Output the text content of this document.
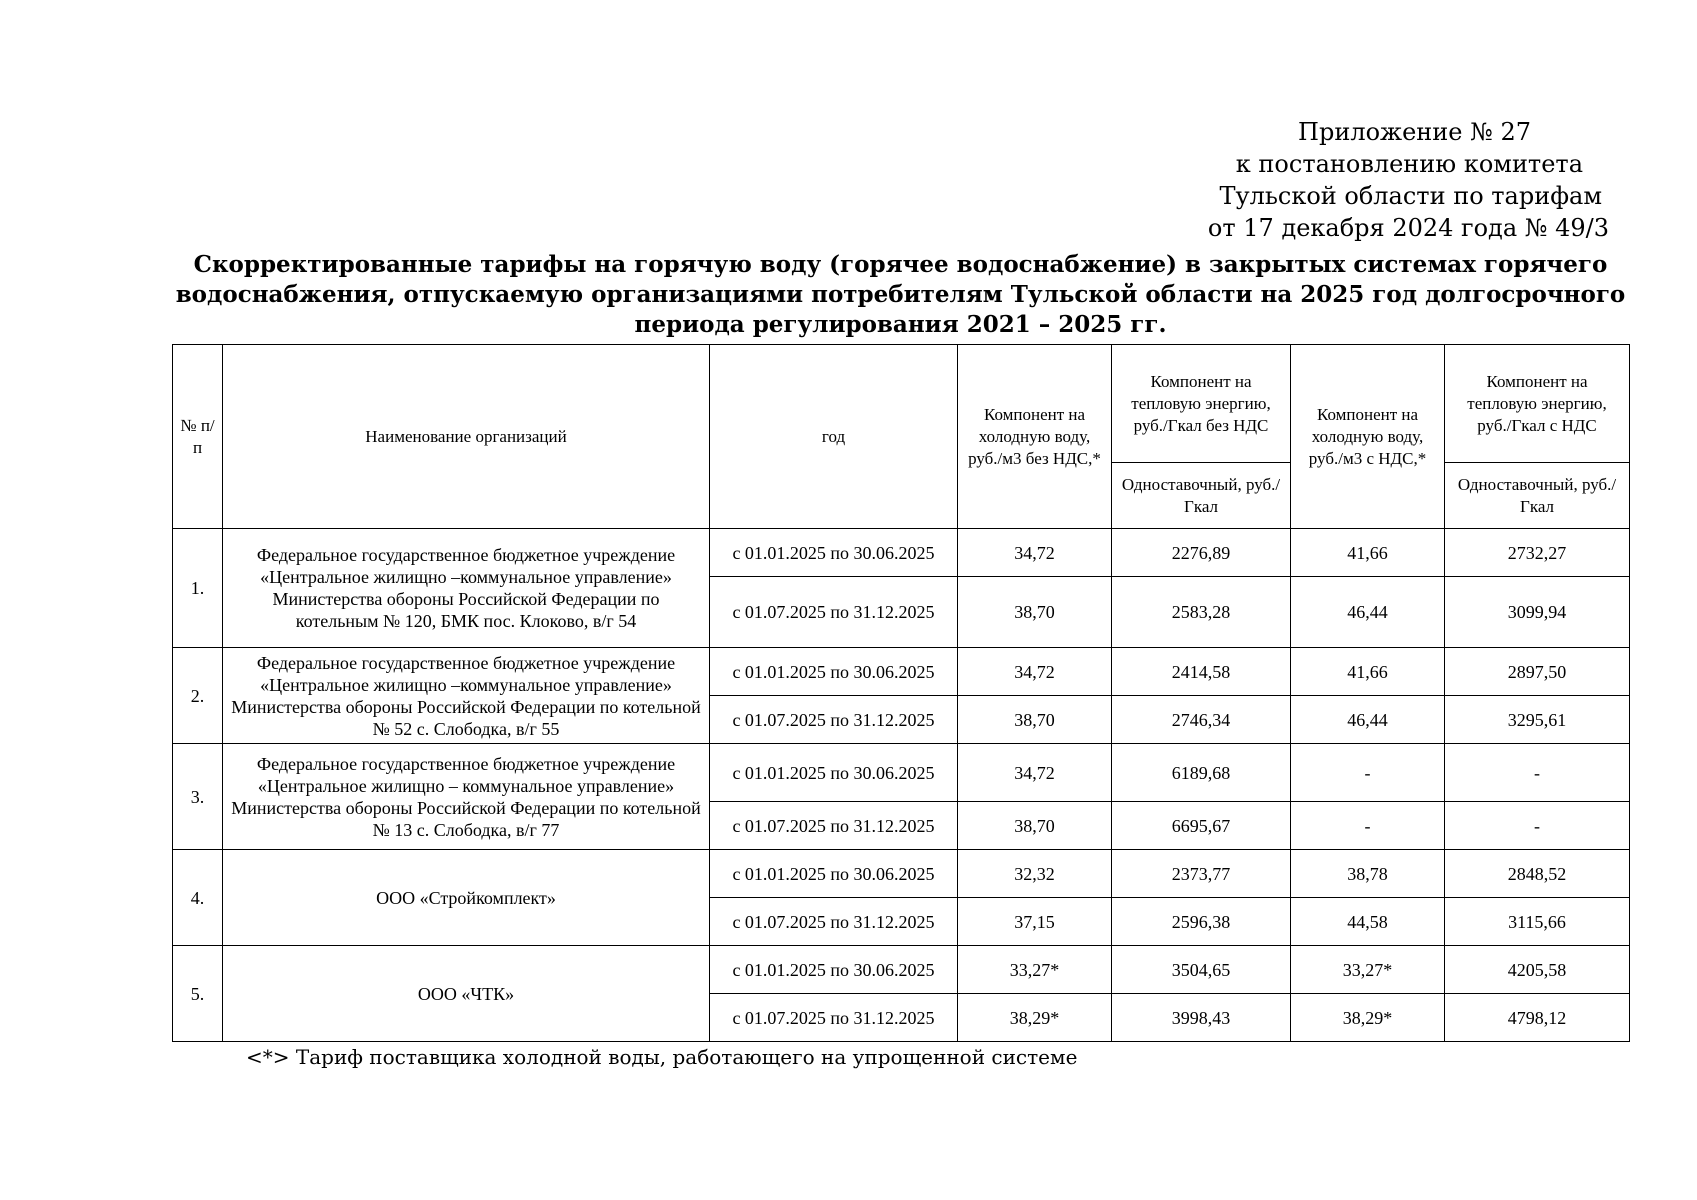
Приложение № 27
к постановлению комитета
Тульской области по тарифам
от 17 декабря 2024 года № 49/3
Скорректированные тарифы на горячую воду (горячее водоснабжение) в закрытых системах горячего водоснабжения, отпускаемую организациями потребителям Тульской области на 2025 год долгосрочного периода регулирования 2021 – 2025 гг.
№ п/п	Наименование организаций	год	Компонент на холодную воду, руб./м3 без НДС,*	Компонент на тепловую энергию, руб./Гкал без НДС	Компонент на холодную воду, руб./м3 с НДС,*	Компонент на тепловую энергию, руб./Гкал с НДС
				Одноставочный, руб./Гкал		Одноставочный, руб./Гкал
1.	Федеральное государственное бюджетное учреждение «Центральное жилищно –коммунальное управление» Министерства обороны Российской Федерации по котельным № 120, БМК пос. Клоково, в/г 54	с 01.01.2025 по 30.06.2025	34,72	2276,89	41,66	2732,27
		с 01.07.2025 по 31.12.2025	38,70	2583,28	46,44	3099,94
2.	Федеральное государственное бюджетное учреждение «Центральное жилищно –коммунальное управление» Министерства обороны Российской Федерации по котельной № 52 с. Слободка, в/г 55	с 01.01.2025 по 30.06.2025	34,72	2414,58	41,66	2897,50
		с 01.07.2025 по 31.12.2025	38,70	2746,34	46,44	3295,61
3.	Федеральное государственное бюджетное учреждение «Центральное жилищно – коммунальное управление» Министерства обороны Российской Федерации по котельной № 13 с. Слободка, в/г 77	с 01.01.2025 по 30.06.2025	34,72	6189,68	-	-
		с 01.07.2025 по 31.12.2025	38,70	6695,67	-	-
4.	ООО «Стройкомплект»	с 01.01.2025 по 30.06.2025	32,32	2373,77	38,78	2848,52
		с 01.07.2025 по 31.12.2025	37,15	2596,38	44,58	3115,66
5.	ООО «ЧТК»	с 01.01.2025 по 30.06.2025	33,27*	3504,65	33,27*	4205,58
		с 01.07.2025 по 31.12.2025	38,29*	3998,43	38,29*	4798,12
<*> Тариф поставщика холодной воды, работающего на упрощенной системе
